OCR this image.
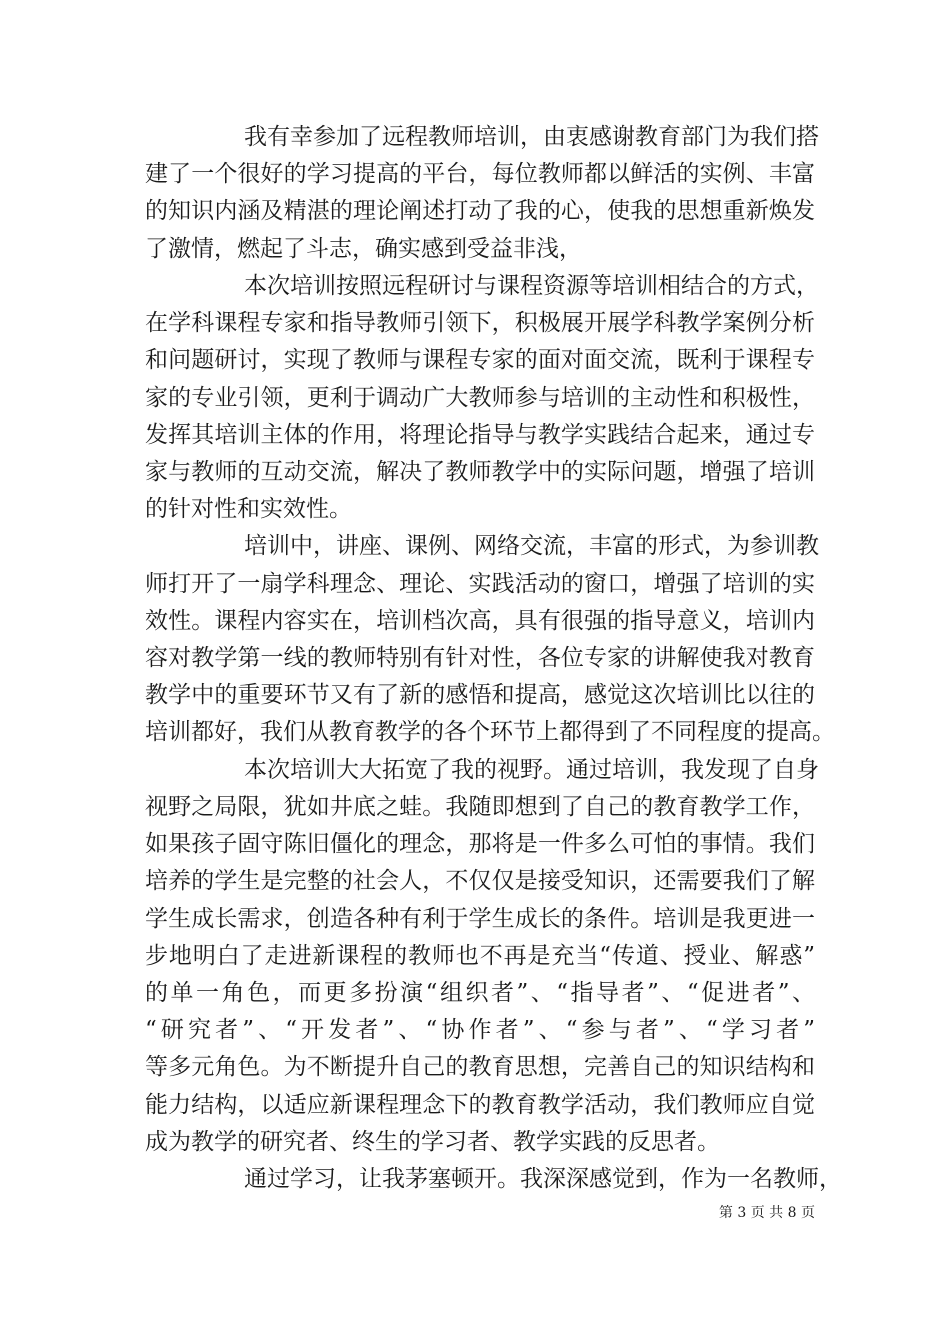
我有幸参加了远程教师培训，由衷感谢教育部门为我们搭
建了一个很好的学习提高的平台，每位教师都以鲜活的实例、丰富
的知识内涵及精湛的理论阐述打动了我的心，使我的思想重新焕发
了激情，燃起了斗志，确实感到受益非浅，
本次培训按照远程研讨与课程资源等培训相结合的方式，
在学科课程专家和指导教师引领下，积极展开展学科教学案例分析
和问题研讨，实现了教师与课程专家的面对面交流，既利于课程专
家的专业引领，更利于调动广大教师参与培训的主动性和积极性，
发挥其培训主体的作用，将理论指导与教学实践结合起来，通过专
家与教师的互动交流，解决了教师教学中的实际问题，增强了培训
的针对性和实效性。
培训中，讲座、课例、网络交流，丰富的形式，为参训教
师打开了一扇学科理念、理论、实践活动的窗口，增强了培训的实
效性。课程内容实在，培训档次高，具有很强的指导意义，培训内
容对教学第一线的教师特别有针对性，各位专家的讲解使我对教育
教学中的重要环节又有了新的感悟和提高，感觉这次培训比以往的
培训都好，我们从教育教学的各个环节上都得到了不同程度的提高。
本次培训大大拓宽了我的视野。通过培训，我发现了自身
视野之局限，犹如井底之蛙。我随即想到了自己的教育教学工作，
如果孩子固守陈旧僵化的理念，那将是一件多么可怕的事情。我们
培养的学生是完整的社会人，不仅仅是接受知识，还需要我们了解
学生成长需求，创造各种有利于学生成长的条件。培训是我更进一
步地明白了走进新课程的教师也不再是充当“传道、授业、解惑”
的单一角色，而更多扮演“组织者”、“指导者”、“促进者”、
“研究者”、“开发者”、“协作者”、“参与者”、“学习者”
等多元角色。为不断提升自己的教育思想，完善自己的知识结构和
能力结构，以适应新课程理念下的教育教学活动，我们教师应自觉
成为教学的研究者、终生的学习者、教学实践的反思者。
通过学习，让我茅塞顿开。我深深感觉到，作为一名教师，
第 3 页 共 8 页
